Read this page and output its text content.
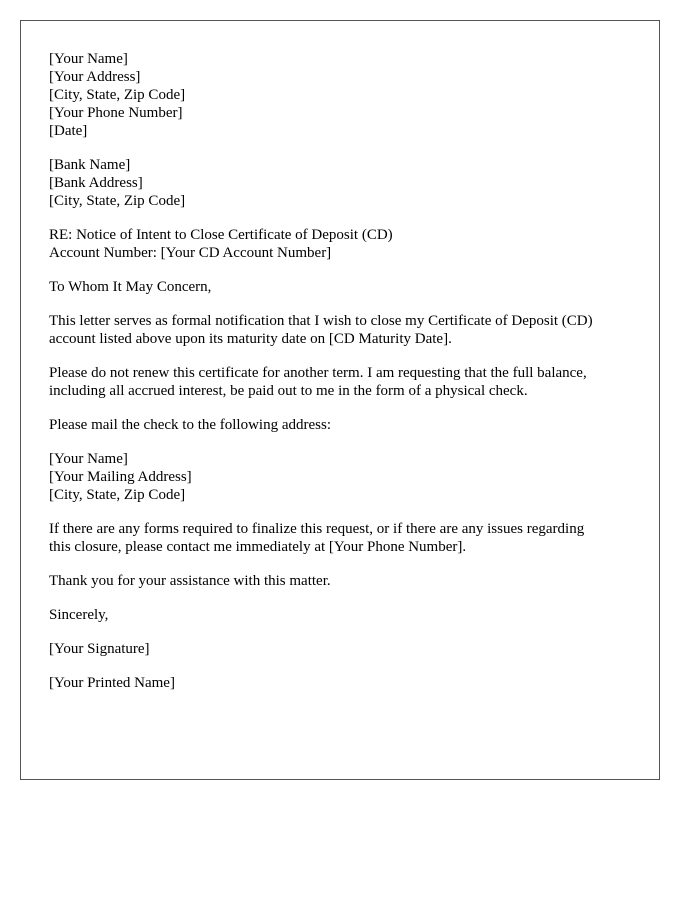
[Your Name]
[Your Address]
[City, State, Zip Code]
[Your Phone Number]
[Date]
[Bank Name]
[Bank Address]
[City, State, Zip Code]
RE: Notice of Intent to Close Certificate of Deposit (CD)
Account Number: [Your CD Account Number]
To Whom It May Concern,
This letter serves as formal notification that I wish to close my Certificate of Deposit (CD)
account listed above upon its maturity date on [CD Maturity Date].
Please do not renew this certificate for another term. I am requesting that the full balance,
including all accrued interest, be paid out to me in the form of a physical check.
Please mail the check to the following address:
[Your Name]
[Your Mailing Address]
[City, State, Zip Code]
If there are any forms required to finalize this request, or if there are any issues regarding
this closure, please contact me immediately at [Your Phone Number].
Thank you for your assistance with this matter.
Sincerely,
[Your Signature]
[Your Printed Name]
